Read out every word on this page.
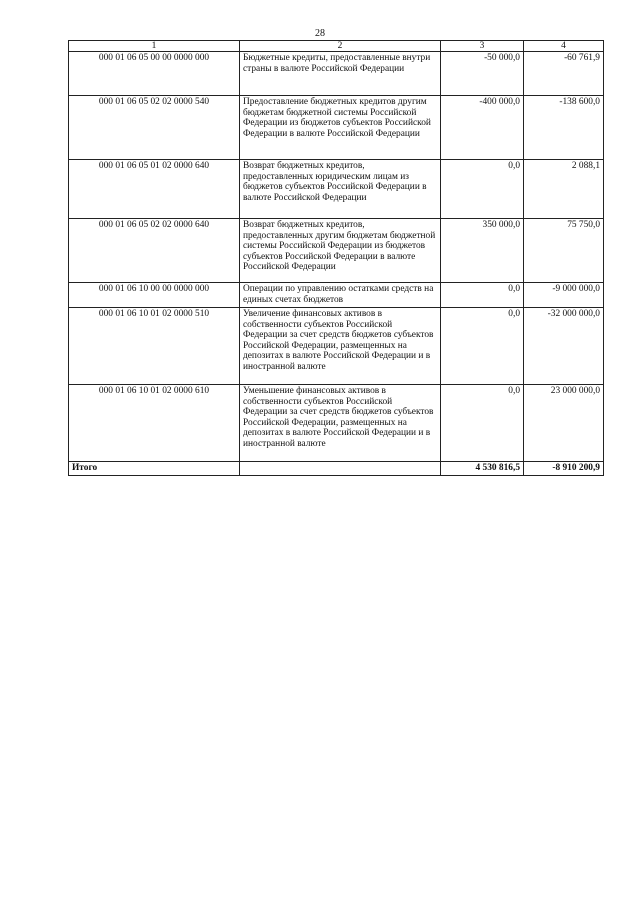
28
1	2	3	4
000 01 06 05 00 00 0000 000	Бюджетные кредиты, предоставленные внутри страны в валюте Российской Федерации	-50 000,0	-60 761,9
000 01 06 05 02 02 0000 540	Предоставление бюджетных кредитов другим бюджетам бюджетной системы Российской Федерации из бюджетов субъектов Российской Федерации в валюте Российской Федерации	-400 000,0	-138 600,0
000 01 06 05 01 02 0000 640	Возврат бюджетных кредитов, предоставленных юридическим лицам из бюджетов субъектов Российской Федерации в валюте Российской Федерации	0,0	2 088,1
000 01 06 05 02 02 0000 640	Возврат бюджетных кредитов, предоставленных другим бюджетам бюджетной системы Российской Федерации из бюджетов субъектов Российской Федерации в валюте Российской Федерации	350 000,0	75 750,0
000 01 06 10 00 00 0000 000	Операции по управлению остатками средств на единых счетах бюджетов	0,0	-9 000 000,0
000 01 06 10 01 02 0000 510	Увеличение финансовых активов в собственности субъектов Российской Федерации за счет средств бюджетов субъектов Российской Федерации, размещенных на депозитах в валюте Российской Федерации и в иностранной валюте	0,0	-32 000 000,0
000 01 06 10 01 02 0000 610	Уменьшение финансовых активов в собственности субъектов Российской Федерации за счет средств бюджетов субъектов Российской Федерации, размещенных на депозитах в валюте Российской Федерации и в иностранной валюте	0,0	23 000 000,0
Итого		4 530 816,5	-8 910 200,9
